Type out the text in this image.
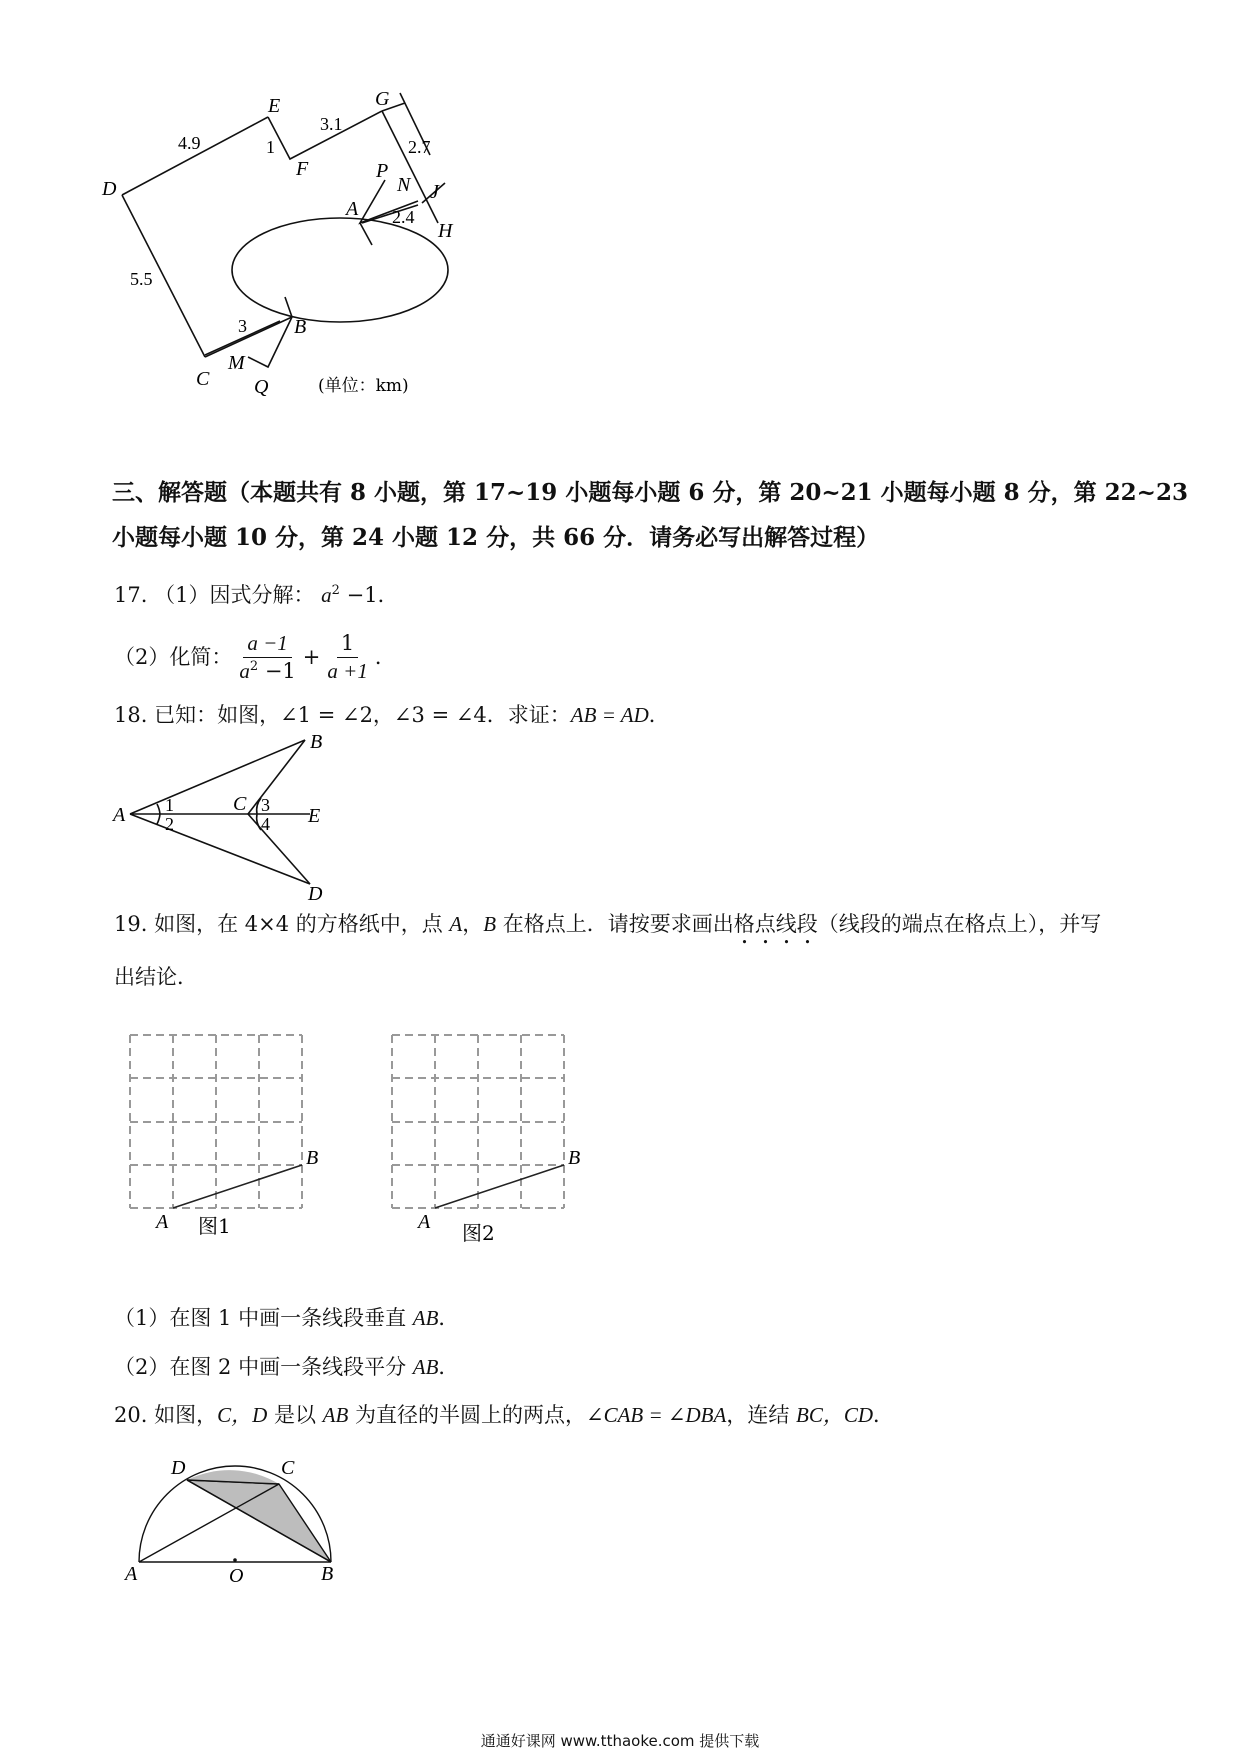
E	G
F
D
P
N J
A
H
C
M
Q
B
4.9	1
3.1
2.7
2.4
5.5
3
(单位：km)
三、解答题（本题共有 8 小题，第 17~19 小题每小题 6 分，第 20~21 小题每小题 8 分，第 22~23
小题每小题 10 分，第 24 小题 12 分，共 66 分．请务必写出解答过程）
17. （1）因式分解： $a^2 -1$．
（2）化简： $\frac{a -1}{a^2 -1} + \frac{1}{a +1}$ ．
18. 已知：如图，∠1 = ∠2，∠3 = ∠4．求证：AB = AD．
A
B
C
D
E
1
2
3
4
19. 如图，在 4×4 的方格纸中，点 A，B 在格点上．请按要求画出格点线段（线段的端点在格点上），并写
出结论．
A
B
图1	A
B
图2
（1）在图 1 中画一条线段垂直 AB．
（2）在图 2 中画一条线段平分 AB．
20. 如图，C，D 是以 AB 为直径的半圆上的两点，∠CAB = ∠DBA，连结 BC，CD．
A
D	C
O	B
通通好课网 www.tthaoke.com 提供下载
